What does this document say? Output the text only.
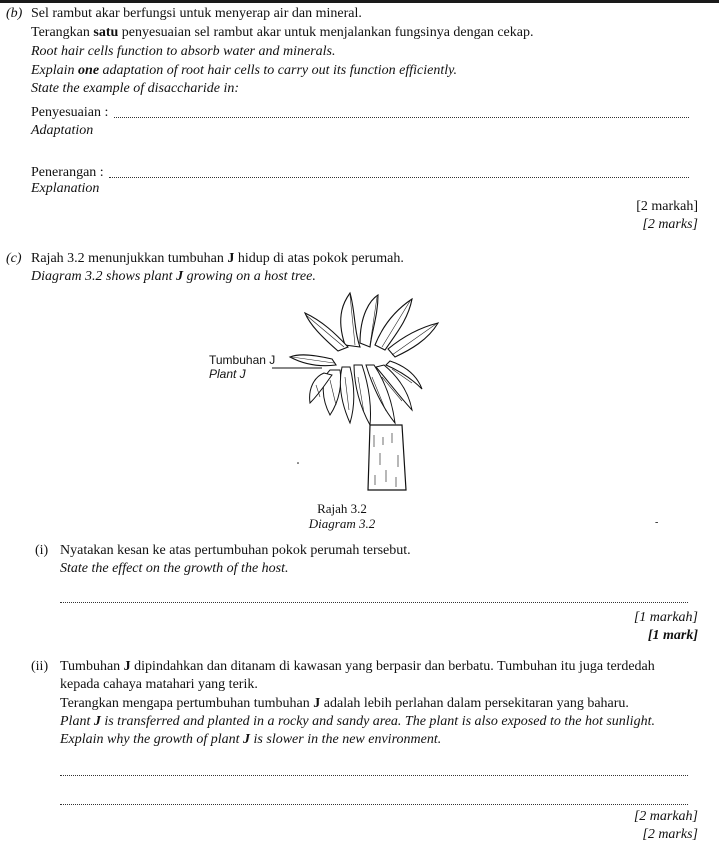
(b) Sel rambut akar berfungsi untuk menyerap air dan mineral.
Terangkan satu penyesuaian sel rambut akar untuk menjalankan fungsinya dengan cekap.
Root hair cells function to absorb water and minerals.
Explain one adaptation of root hair cells to carry out its function efficiently.
State the example of disaccharide in:
Penyesuaian :
Adaptation
Penerangan :
Explanation
[2 markah]
[2 marks]
(c) Rajah 3.2 menunjukkan tumbuhan J hidup di atas pokok perumah.
Diagram 3.2 shows plant J growing on a host tree.
Tumbuhan J
Plant J
Rajah 3.2
Diagram 3.2	-
(i) Nyatakan kesan ke atas pertumbuhan pokok perumah tersebut.
State the effect on the growth of the host.
[1 markah]
[1 mark]
(ii) Tumbuhan J dipindahkan dan ditanam di kawasan yang berpasir dan berbatu. Tumbuhan itu juga terdedah
kepada cahaya matahari yang terik.
Terangkan mengapa pertumbuhan tumbuhan J adalah lebih perlahan dalam persekitaran yang baharu.
Plant J is transferred and planted in a rocky and sandy area. The plant is also exposed to the hot sunlight.
Explain why the growth of plant J is slower in the new environment.
[2 markah]
[2 marks]
